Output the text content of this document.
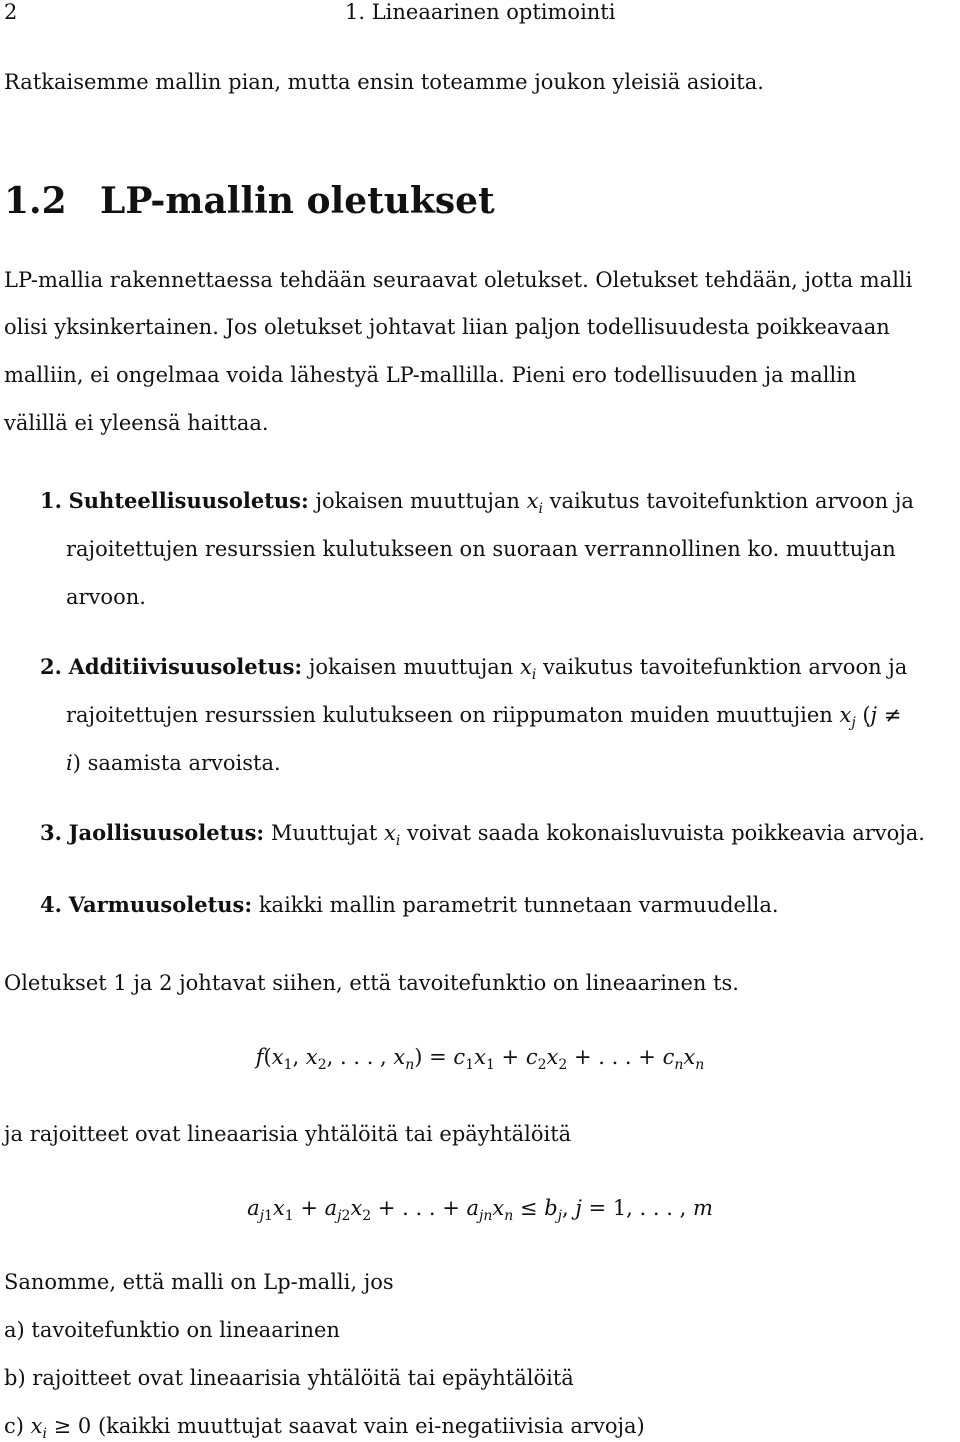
2	1. Lineaarinen optimointi
Ratkaisemme mallin pian, mutta ensin toteamme joukon yleisiä asioita.
1.2 LP-mallin oletukset
LP-mallia rakennettaessa tehdään seuraavat oletukset. Oletukset tehdään, jotta malli
olisi yksinkertainen. Jos oletukset johtavat liian paljon todellisuudesta poikkeavaan
malliin, ei ongelmaa voida lähestyä LP-mallilla. Pieni ero todellisuuden ja mallin
välillä ei yleensä haittaa.
1. Suhteellisuusoletus: jokaisen muuttujan $x_i$ vaikutus tavoitefunktion arvoon ja
rajoitettujen resurssien kulutukseen on suoraan verrannollinen ko. muuttujan
arvoon.
2. Additiivisuusoletus: jokaisen muuttujan $x_i$ vaikutus tavoitefunktion arvoon ja
rajoitettujen resurssien kulutukseen on riippumaton muiden muuttujien $x_j$ (j ≠
i) saamista arvoista.
3. Jaollisuusoletus: Muuttujat $x_i$ voivat saada kokonaisluvuista poikkeavia arvoja.
4. Varmuusoletus: kaikki mallin parametrit tunnetaan varmuudella.
Oletukset 1 ja 2 johtavat siihen, että tavoitefunktio on lineaarinen ts.
$f(x_1$, $x_2$, . . . , $x_n) = c_1x_1 + c_2x_2$ + . . . + $c_nx_n$
ja rajoitteet ovat lineaarisia yhtälöitä tai epäyhtälöitä
$a_{j1}x_1 + a_{j2}x_2$ + . . . + $a_{jn}x_n \le b_j$, j = 1, . . . , m
Sanomme, että malli on Lp-malli, jos
a) tavoitefunktio on lineaarinen
b) rajoitteet ovat lineaarisia yhtälöitä tai epäyhtälöitä
c) $x_i \ge 0$ (kaikki muuttujat saavat vain ei-negatiivisia arvoja)
